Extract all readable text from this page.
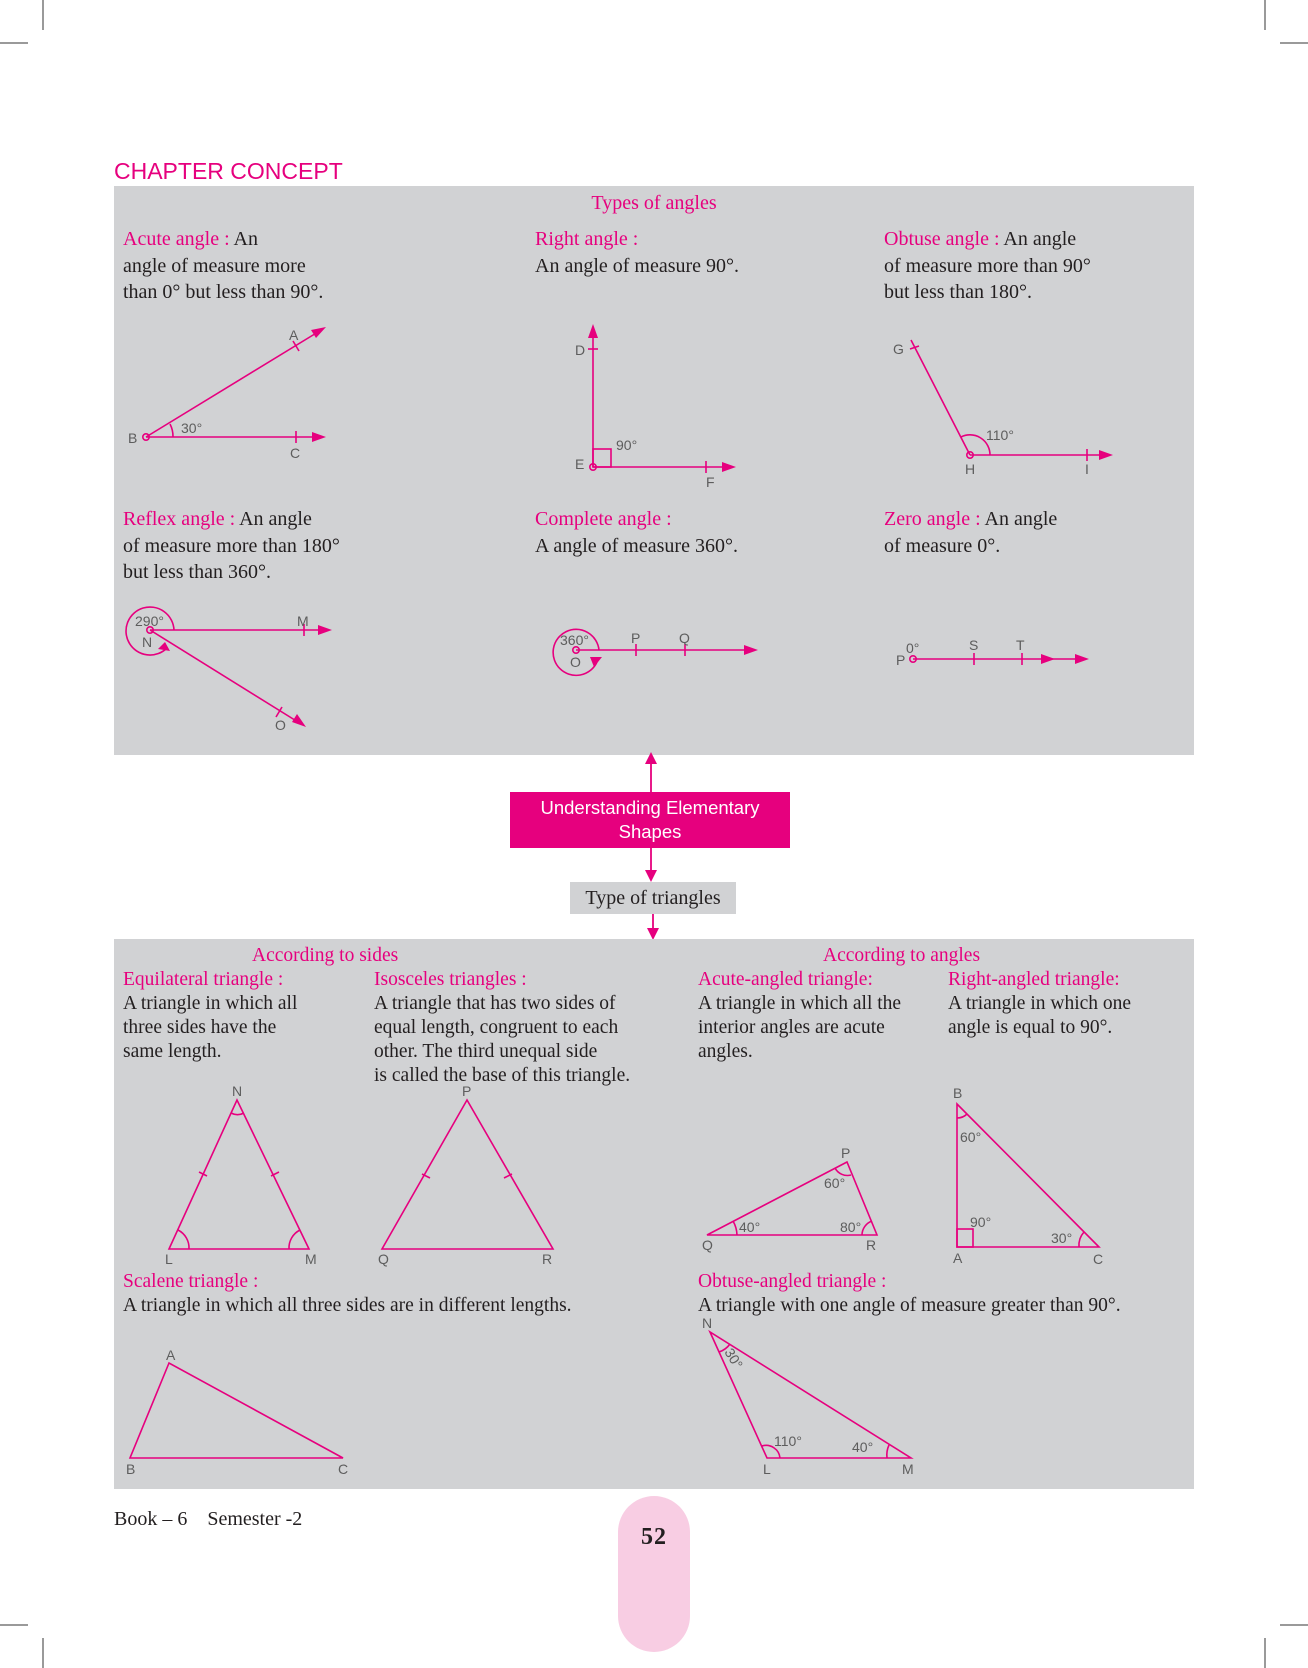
CHAPTER CONCEPT
Types of angles
Acute angle : An
angle of measure more
than 0° but less than 90°.
Right angle :
An angle of measure 90°.
Obtuse angle : An angle
of measure more than 90°
but less than 180°.
B
A
C
30°
D
E
F
90°
G
110°
H	I
Reflex angle : An angle
of measure more than 180°
but less than 360°.
Complete angle :
A angle of measure 360°.
Zero angle : An angle
of measure 0°.
290°
N
M
O
360°
O
P	Q
0°
P
S	T
Understanding Elementary
Shapes
Type of triangles
According to sides	According to angles
Equilateral triangle :
A triangle in which all
three sides have the
same length.
Isosceles triangles :
A triangle that has two sides of
equal length, congruent to each
other. The third unequal side
is called the base of this triangle.
Acute-angled triangle:
A triangle in which all the
interior angles are acute
angles.
Right-angled triangle:
A triangle in which one
angle is equal to 90°.
N
L	M
P
Q	R
P
Q	R
60°
40°	80°
B
A	C
60°
90°
30°
Scalene triangle :
A triangle in which all three sides are in different lengths.
Obtuse-angled triangle :
A triangle with one angle of measure greater than 90°.
A
B	C
N
L	M
30°
110°	40°
Book – 6    Semester -2
52
